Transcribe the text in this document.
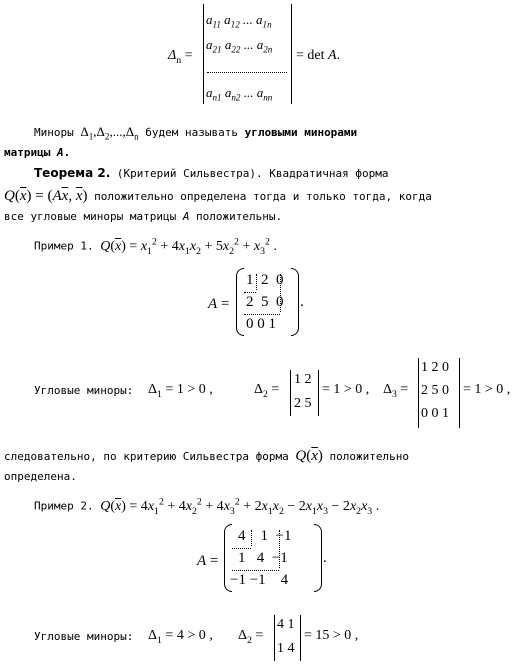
$\Delta_n$ =
$a_{11}$ $a_{12}$ ... $a_{1n}$
$a_{21}$ $a_{22}$ ... $a_{2n}$
$a_{n1}$ $a_{n2}$ ... $a_{nn}$
= det A.
Миноры $\Delta_1,\Delta_2,...,\Delta_n$ будем называть угловыми минорами
матрицы A.
Теорема 2. (Критерий Сильвестра). Квадратичная форма
$Q(\overline{x}) = (A\overline{x}$, $\overline{x}$) положительно определена тогда и только тогда, когда
все угловые миноры матрицы A положительны.
Пример 1. $Q(\overline{x}) = x_1^2 + 4x_1x_2 + 5x_2^2 + x_3^2$ .
A =
1  2  0
2  5  0
0 0 1
.
Угловые миноры: $\Delta_1 = 1 > 0$ ,	$\Delta_2$ =
1 2
2 5
= 1 > 0 , $\Delta_3$ =
1 2 0
2 5 0
0 0 1
= 1 > 0 ,
следовательно, по критерию Сильвестра форма $Q(\overline{x})$ положительно
определена.
Пример 2. $Q(\overline{x}) = 4x_1^2 + 4x_2^2 + 4x_3^2 + 2x_1x_2 - 2x_1x_3 - 2x_2x_3$ .
A =
4    1  −1
1   4  −1
−1 −1    4
.
Угловые миноры: $\Delta_1 = 4 > 0$ , $\Delta_2$ =
4 1
1 4
= 15 > 0 ,
